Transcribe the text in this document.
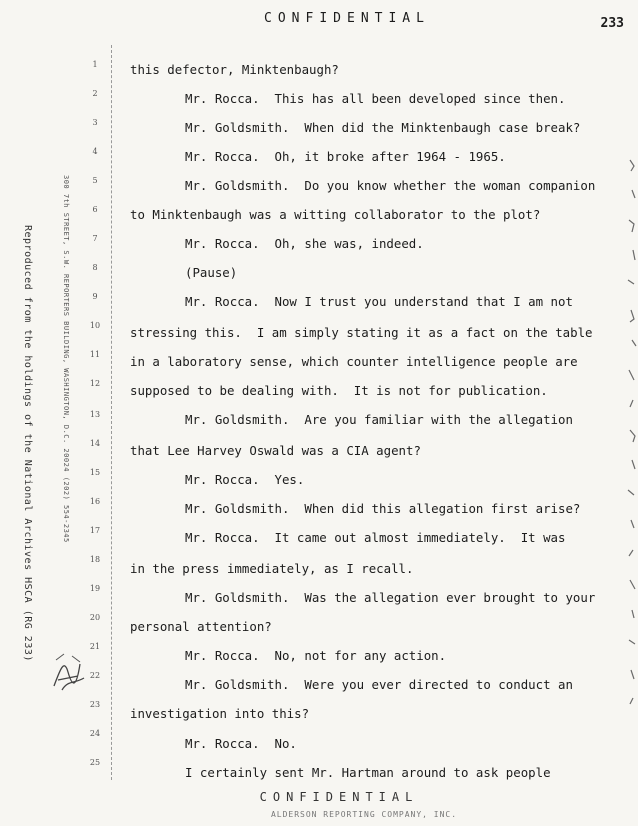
CONFIDENTIAL	233
Reproduced from the holdings of the National Archives HSCA (RG 233)	300 7th STREET, S.W. REPORTERS BUILDING, WASHINGTON, D.C. 20024 (202) 554-2345
1
2
3
4
5
6
7
8
9
10
11
12
13
14
15
16
17
18
19
20
21
22
23
24
25
this defector, Minktenbaugh?
Mr. Rocca.  This has all been developed since then.
Mr. Goldsmith.  When did the Minktenbaugh case break?
Mr. Rocca.  Oh, it broke after 1964 - 1965.
Mr. Goldsmith.  Do you know whether the woman companion
to Minktenbaugh was a witting collaborator to the plot?
Mr. Rocca.  Oh, she was, indeed.
(Pause)
Mr. Rocca.  Now I trust you understand that I am not
stressing this.  I am simply stating it as a fact on the table
in a laboratory sense, which counter intelligence people are
supposed to be dealing with.  It is not for publication.
Mr. Goldsmith.  Are you familiar with the allegation
that Lee Harvey Oswald was a CIA agent?
Mr. Rocca.  Yes.
Mr. Goldsmith.  When did this allegation first arise?
Mr. Rocca.  It came out almost immediately.  It was
in the press immediately, as I recall.
Mr. Goldsmith.  Was the allegation ever brought to your
personal attention?
Mr. Rocca.  No, not for any action.
Mr. Goldsmith.  Were you ever directed to conduct an
investigation into this?
Mr. Rocca.  No.
I certainly sent Mr. Hartman around to ask people
CONFIDENTIAL
ALDERSON REPORTING COMPANY, INC.
